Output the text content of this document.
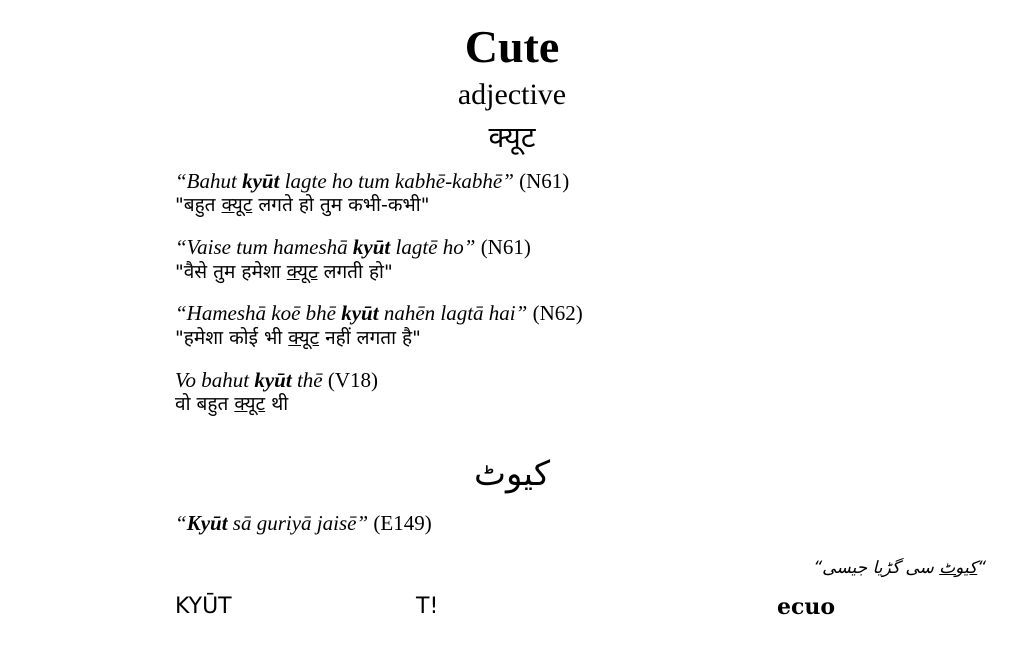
Cute
adjective
क्यूट
“Bahut kyūt lagte ho tum kabhē-kabhē” (N61)
"बहुत क्यूट लगते हो तुम कभी-कभी"
“Vaise tum hameshā kyūt lagtē ho” (N61)
"वैसे तुम हमेशा क्यूट लगती हो"
“Hameshā koē bhē kyūt nahēn lagtā hai” (N62)
"हमेशा कोई भी क्यूट नहीं लगता है"
Vo bahut kyūt thē (V18)
वो बहुत क्यूट थी
کیوٹ
“Kyūt sā guriyā jaisē” (E149)
“کیوٹ سی گڑیا جیسی“
KYŪT	T!	ecuo
